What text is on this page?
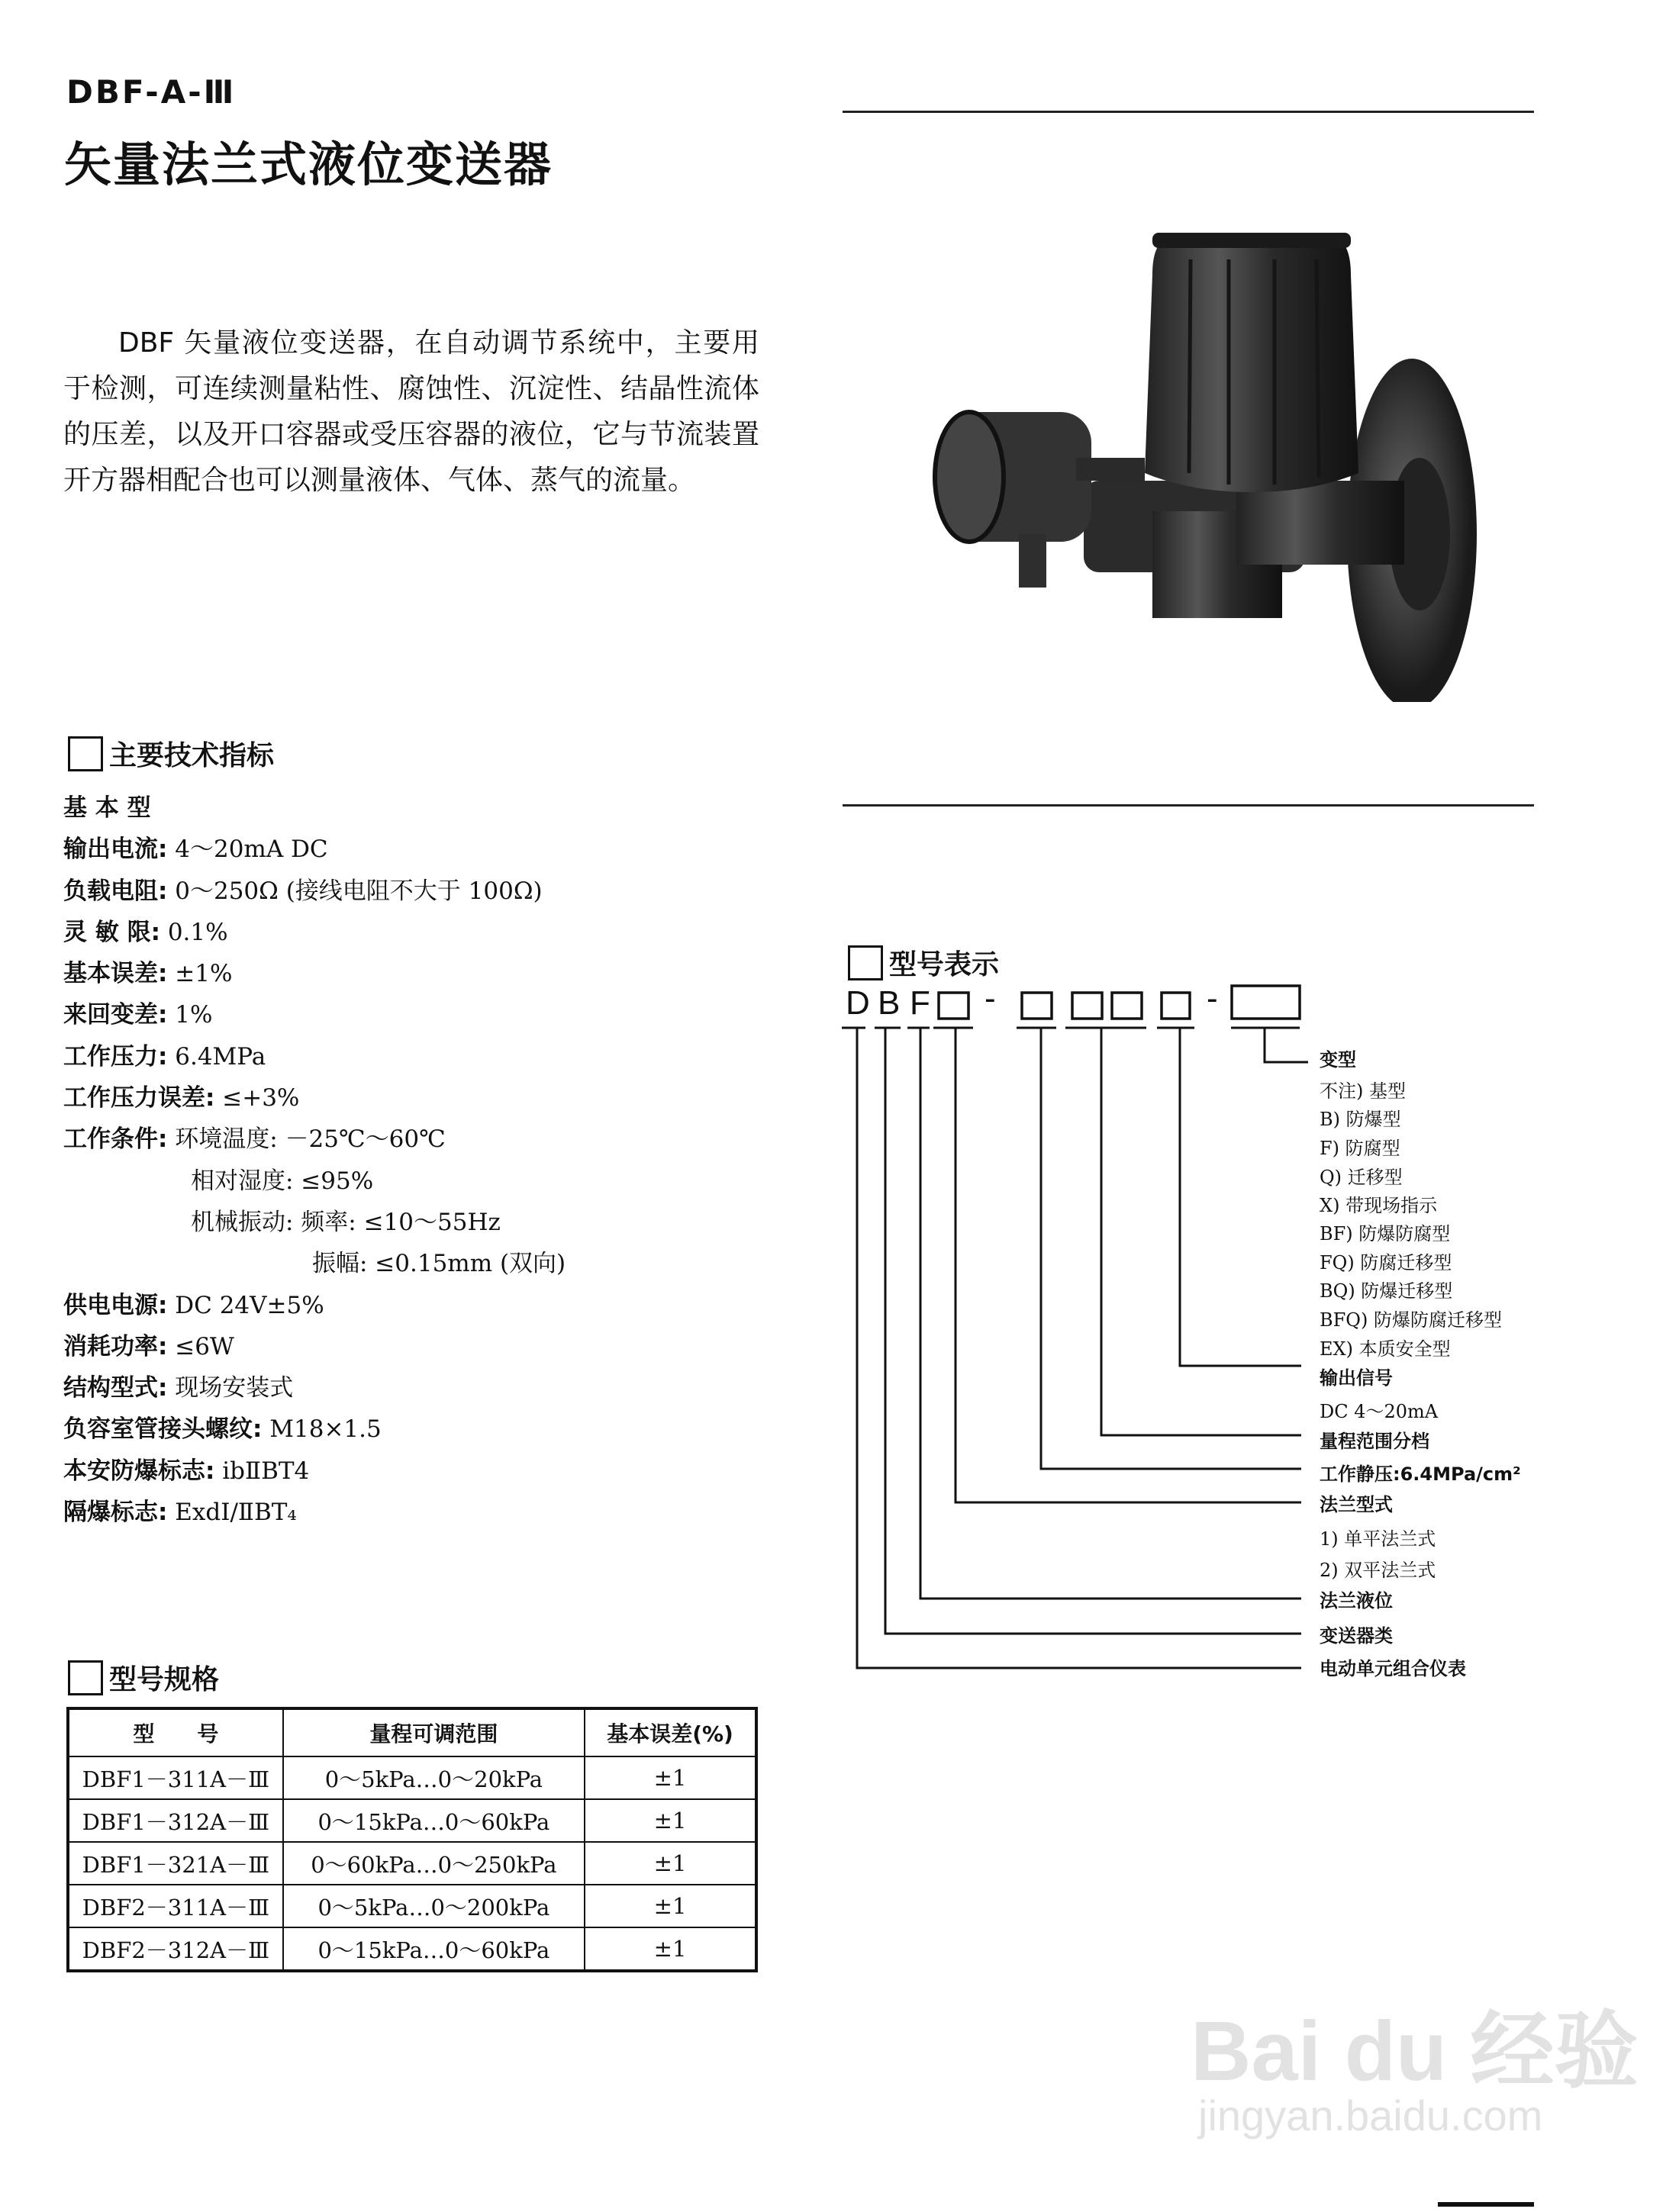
DBF-A-Ⅲ
矢量法兰式液位变送器
DBF 矢量液位变送器，在自动调节系统中，主要用于检测，可连续测量粘性、腐蚀性、沉淀性、结晶性流体的压差，以及开口容器或受压容器的液位，它与节流装置开方器相配合也可以测量液体、气体、蒸气的流量。
主要技术指标
基 本 型
输出电流: 4～20mA DC
负载电阻: 0～250Ω (接线电阻不大于 100Ω)
灵 敏 限: 0.1%
基本误差: ±1%
来回变差: 1%
工作压力: 6.4MPa
工作压力误差: ≤+3%
工作条件: 环境温度: －25℃～60℃
相对湿度: ≤95%
机械振动: 频率: ≤10～55Hz
振幅: ≤0.15mm (双向)
供电电源: DC 24V±5%
消耗功率: ≤6W
结构型式: 现场安装式
负容室管接头螺纹: M18×1.5
本安防爆标志: ibⅡBT4
隔爆标志: ExdⅠ/ⅡBT₄
型号规格
型　　号	量程可调范围	基本误差(%)
DBF1－311A－Ⅲ	0～5kPa…0～20kPa	±1
DBF1－312A－Ⅲ	0～15kPa…0～60kPa	±1
DBF1－321A－Ⅲ	0～60kPa…0～250kPa	±1
DBF2－311A－Ⅲ	0～5kPa…0～200kPa	±1
DBF2－312A－Ⅲ	0～15kPa…0～60kPa	±1
型号表示
D B F -	-
变型
不注) 基型
B) 防爆型
F) 防腐型
Q) 迁移型
X) 带现场指示
BF) 防爆防腐型
FQ) 防腐迁移型
BQ) 防爆迁移型
BFQ) 防爆防腐迁移型
EX) 本质安全型
输出信号
DC 4～20mA
量程范围分档
工作静压:6.4MPa/cm²
法兰型式
1) 单平法兰式
2) 双平法兰式
法兰液位
变送器类
电动单元组合仪表
Bai du 经验
jingyan.baidu.com
